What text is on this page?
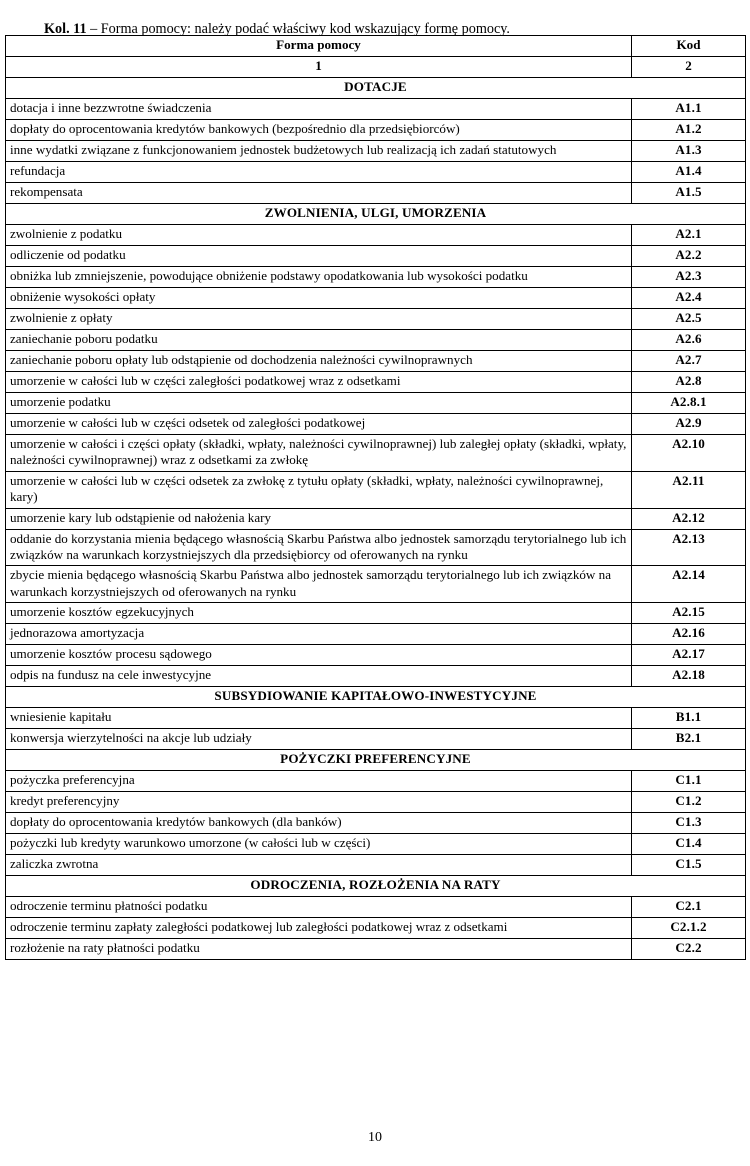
Kol. 11 – Forma pomocy: należy podać właściwy kod wskazujący formę pomocy.

Forma pomocy	Kod
1	2
DOTACJE	
dotacja i inne bezzwrotne świadczenia	A1.1
dopłaty do oprocentowania kredytów bankowych (bezpośrednio dla przedsiębiorców)	A1.2
inne wydatki związane z funkcjonowaniem jednostek budżetowych lub realizacją ich zadań statutowych	A1.3
refundacja	A1.4
rekompensata	A1.5
ZWOLNIENIA, ULGI, UMORZENIA	
zwolnienie z podatku	A2.1
odliczenie od podatku	A2.2
obniżka lub zmniejszenie, powodujące obniżenie podstawy opodatkowania lub wysokości podatku	A2.3
obniżenie wysokości opłaty	A2.4
zwolnienie z opłaty	A2.5
zaniechanie poboru podatku	A2.6
zaniechanie poboru opłaty lub odstąpienie od dochodzenia należności cywilnoprawnych	A2.7
umorzenie w całości lub w części zaległości podatkowej wraz z odsetkami	A2.8
umorzenie podatku	A2.8.1
umorzenie w całości lub w części odsetek od zaległości podatkowej	A2.9
umorzenie w całości i części opłaty (składki, wpłaty, należności cywilnoprawnej) lub zaległej opłaty (składki, wpłaty, należności cywilnoprawnej) wraz z odsetkami za zwłokę	A2.10
umorzenie w całości lub w części odsetek za zwłokę z tytułu opłaty (składki, wpłaty, należności cywilnoprawnej, kary)	A2.11
umorzenie kary lub odstąpienie od nałożenia kary	A2.12
oddanie do korzystania mienia będącego własnością Skarbu Państwa albo jednostek samorządu terytorialnego lub ich związków na warunkach korzystniejszych dla przedsiębiorcy od oferowanych na rynku	A2.13
zbycie mienia będącego własnością Skarbu Państwa albo jednostek samorządu terytorialnego lub ich związków na warunkach korzystniejszych od oferowanych na rynku	A2.14
umorzenie kosztów egzekucyjnych	A2.15
jednorazowa amortyzacja	A2.16
umorzenie kosztów procesu sądowego	A2.17
odpis na fundusz na cele inwestycyjne	A2.18
SUBSYDIOWANIE KAPITAŁOWO-INWESTYCYJNE	
wniesienie kapitału	B1.1
konwersja wierzytelności na akcje lub udziały	B2.1
POŻYCZKI PREFERENCYJNE	
pożyczka preferencyjna	C1.1
kredyt preferencyjny	C1.2
dopłaty do oprocentowania kredytów bankowych (dla banków)	C1.3
pożyczki lub kredyty warunkowo umorzone (w całości lub w części)	C1.4
zaliczka zwrotna	C1.5
ODROCZENIA, ROZŁOŻENIA NA RATY	
odroczenie terminu płatności podatku	C2.1
odroczenie terminu zapłaty zaległości podatkowej lub zaległości podatkowej wraz z odsetkami	C2.1.2
rozłożenie na raty płatności podatku	C2.2
10
